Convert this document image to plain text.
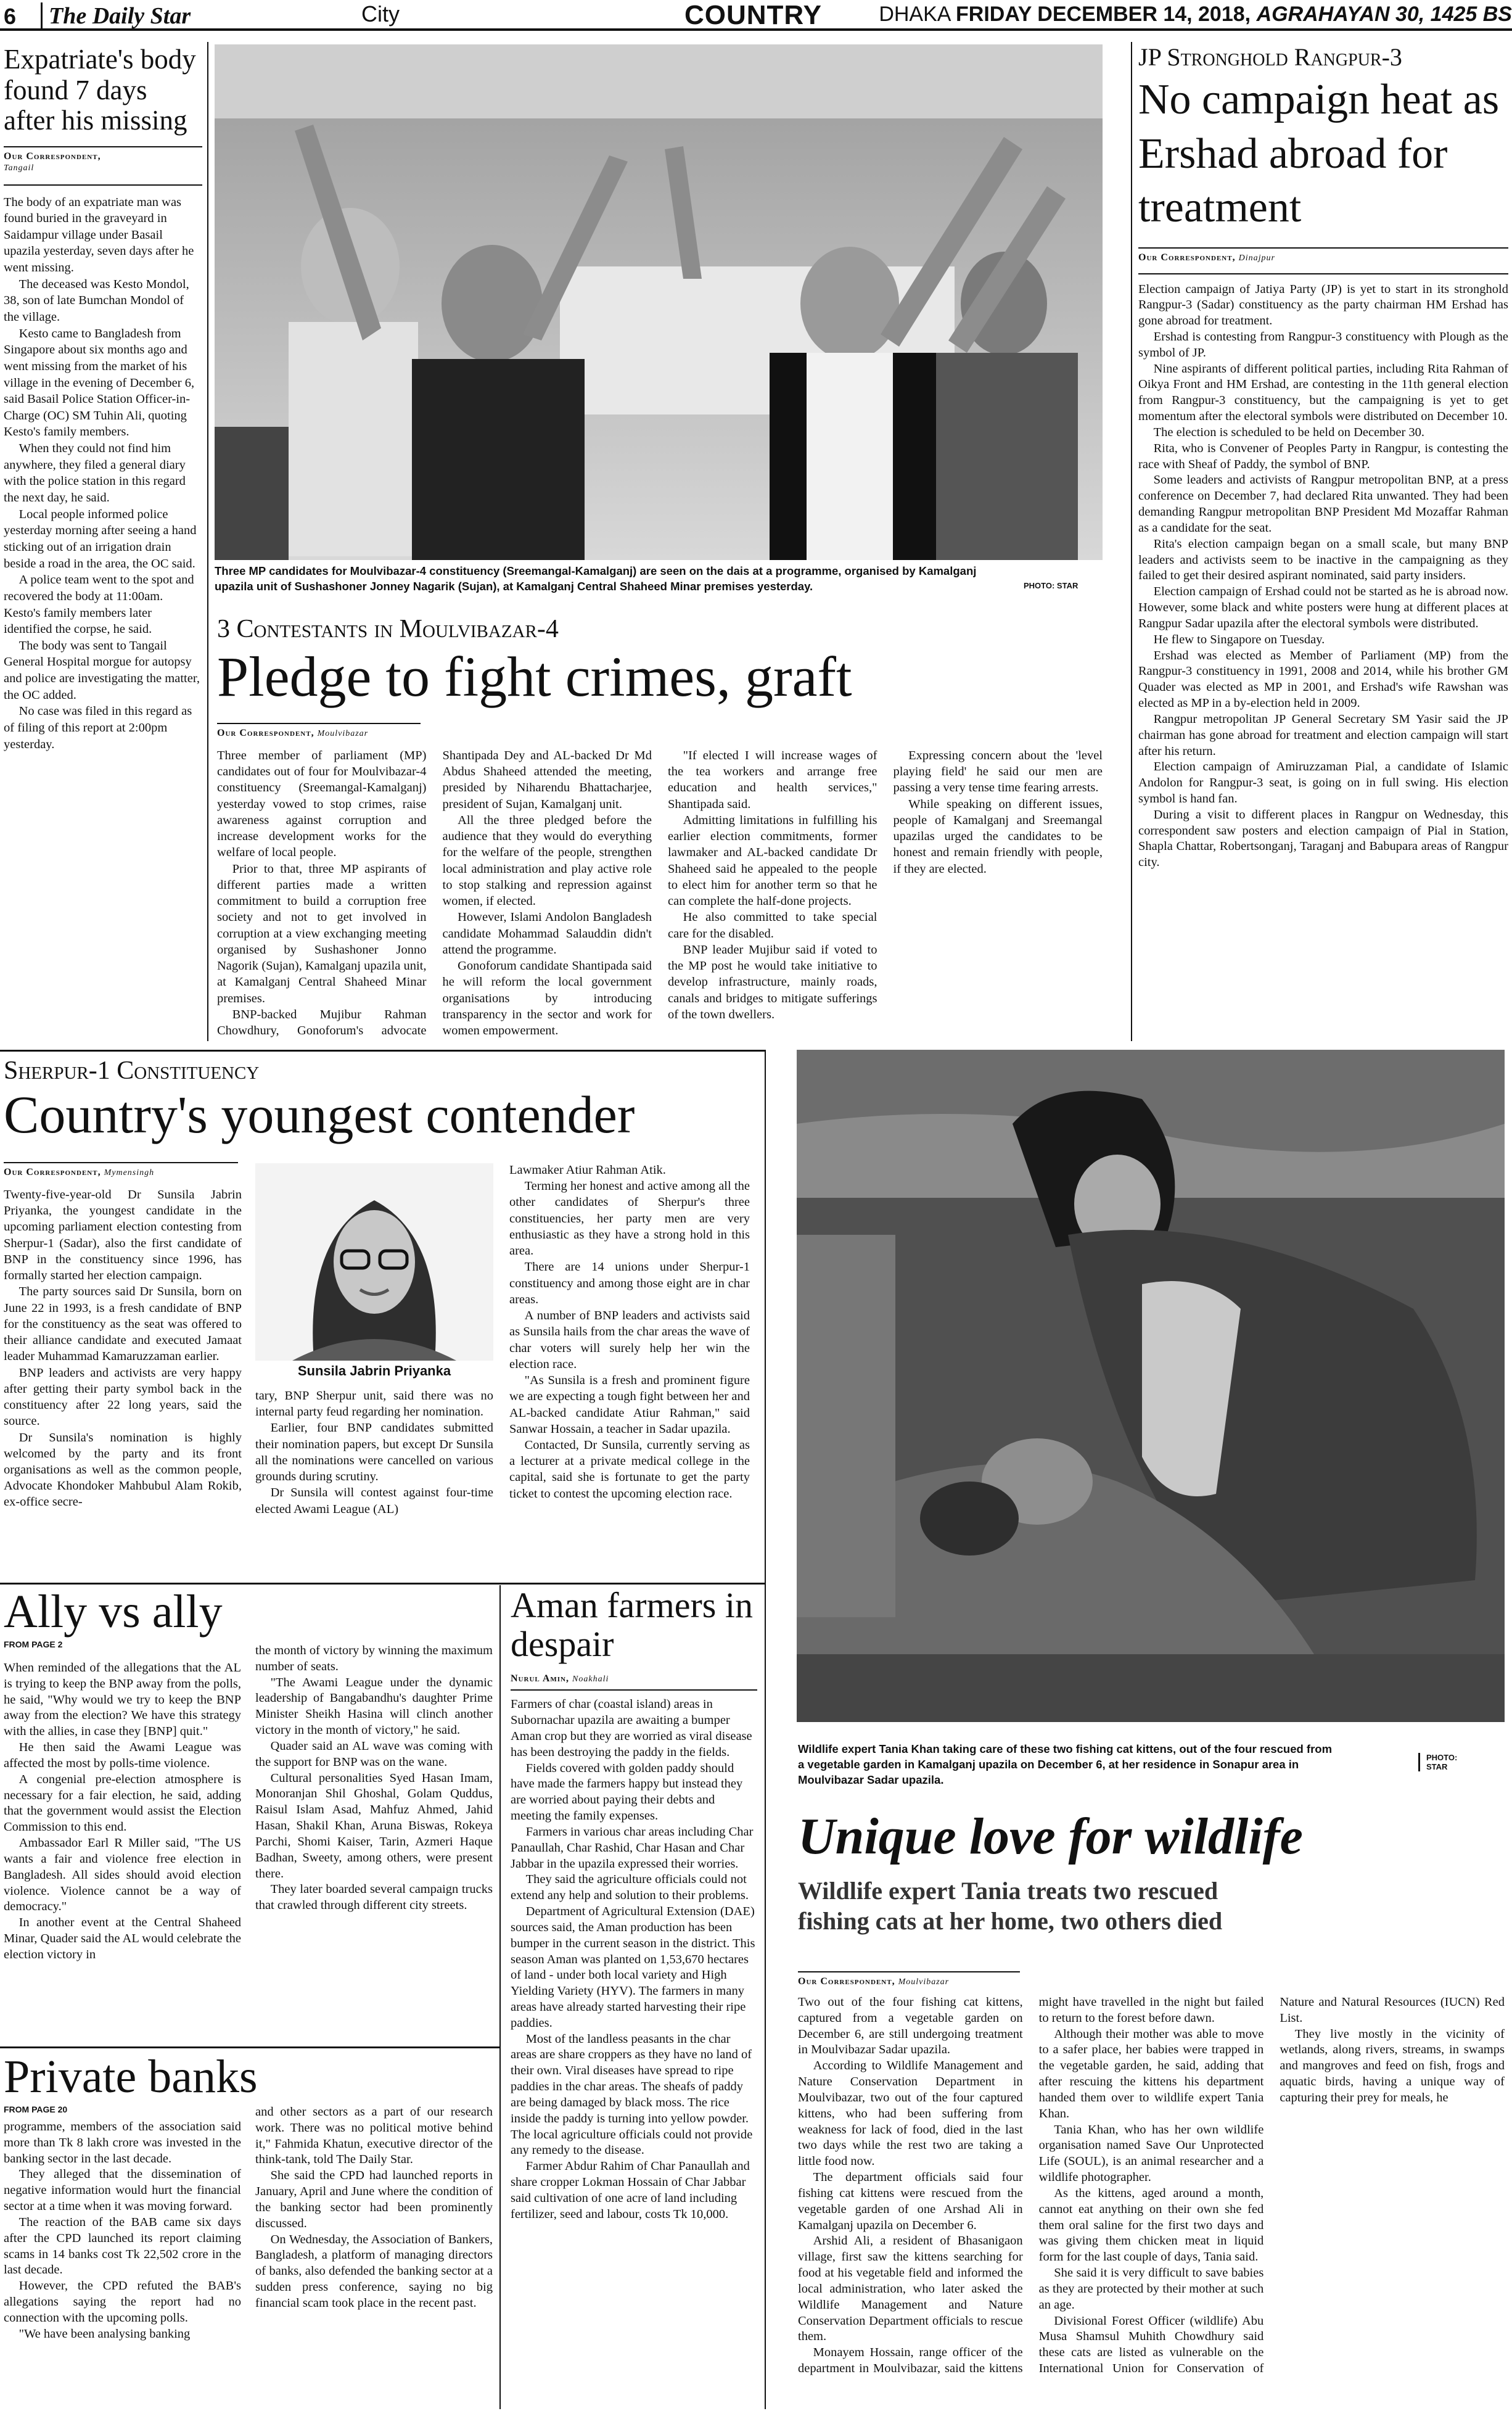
6	The Daily Star	City	COUNTRY	DHAKA FRIDAY DECEMBER 14, 2018, AGRAHAYAN 30, 1425 BS
Expatriate's body found 7 days after his missing
Our Correspondent,
Tangail

The body of an expatriate man was found buried in the graveyard in Saidampur village under Basail upazila yesterday, seven days after he went missing.

The deceased was Kesto Mondol, 38, son of late Bumchan Mondol of the village.

Kesto came to Bangladesh from Singapore about six months ago and went missing from the market of his village in the evening of December 6, said Basail Police Station Officer-in-Charge (OC) SM Tuhin Ali, quoting Kesto's family members.

When they could not find him anywhere, they filed a general diary with the police station in this regard the next day, he said.

Local people informed police yesterday morning after seeing a hand sticking out of an irrigation drain beside a road in the area, the OC said.

A police team went to the spot and recovered the body at 11:00am. Kesto's family members later identified the corpse, he said.

The body was sent to Tangail General Hospital morgue for autopsy and police are investigating the matter, the OC added.

No case was filed in this regard as of filing of this report at 2:00pm yesterday.

Three MP candidates for Moulvibazar-4 constituency (Sreemangal-Kamalganj) are seen on the dais at a programme, organised by Kamalganj upazila unit of Sushashoner Jonney Nagarik (Sujan), at Kamalganj Central Shaheed Minar premises yesterday.	PHOTO: STAR
3 Contestants in Moulvibazar-4
Pledge to fight crimes, graft
Our Correspondent, Moulvibazar

Three member of parliament (MP) candidates out of four for Moulvibazar-4 constituency (Sreemangal-Kamalganj) yesterday vowed to stop crimes, raise awareness against corruption and increase development works for the welfare of local people.

Prior to that, three MP aspirants of different parties made a written commitment to build a corruption free society and not to get involved in corruption at a view exchanging meeting organised by Sushashoner Jonno Nagorik (Sujan), Kamalganj upazila unit, at Kamalganj Central Shaheed Minar premises.

BNP-backed Mujibur Rahman Chowdhury, Gonoforum's advocate Shantipada Dey and AL-backed Dr Md Abdus Shaheed attended the meeting, presided by Niharendu Bhattacharjee, president of Sujan, Kamalganj unit.

All the three pledged before the audience that they would do everything for the welfare of the people, strengthen local administration and play active role to stop stalking and repression against women, if elected.

However, Islami Andolon Bangladesh candidate Mohammad Salauddin didn't attend the programme.

Gonoforum candidate Shantipada said he will reform the local government organisations by introducing transparency in the sector and work for women empowerment.

"If elected I will increase wages of the tea workers and arrange free education and health services," Shantipada said.

Admitting limitations in fulfilling his earlier election commitments, former lawmaker and AL-backed candidate Dr Shaheed said he appealed to the people to elect him for another term so that he can complete the half-done projects.

He also committed to take special care for the disabled.

BNP leader Mujibur said if voted to the MP post he would take initiative to develop infrastructure, mainly roads, canals and bridges to mitigate sufferings of the town dwellers.

Expressing concern about the 'level playing field' he said our men are passing a very tense time fearing arrests.

While speaking on different issues, people of Kamalganj and Sreemangal upazilas urged the candidates to be honest and remain friendly with people, if they are elected.

JP Stronghold Rangpur-3
No campaign heat as Ershad abroad for treatment
Our Correspondent, Dinajpur

Election campaign of Jatiya Party (JP) is yet to start in its stronghold Rangpur-3 (Sadar) constituency as the party chairman HM Ershad has gone abroad for treatment.

Ershad is contesting from Rangpur-3 constituency with Plough as the symbol of JP.

Nine aspirants of different political parties, including Rita Rahman of Oikya Front and HM Ershad, are contesting in the 11th general election from Rangpur-3 constituency, but the campaigning is yet to get momentum after the electoral symbols were distributed on December 10.

The election is scheduled to be held on December 30.

Rita, who is Convener of Peoples Party in Rangpur, is contesting the race with Sheaf of Paddy, the symbol of BNP.

Some leaders and activists of Rangpur metropolitan BNP, at a press conference on December 7, had declared Rita unwanted. They had been demanding Rangpur metropolitan BNP President Md Mozaffar Rahman as a candidate for the seat.

Rita's election campaign began on a small scale, but many BNP leaders and activists seem to be inactive in the campaigning as they failed to get their desired aspirant nominated, said party insiders.

Election campaign of Ershad could not be started as he is abroad now. However, some black and white posters were hung at different places at Rangpur Sadar upazila after the electoral symbols were distributed.

He flew to Singapore on Tuesday.

Ershad was elected as Member of Parliament (MP) from the Rangpur-3 constituency in 1991, 2008 and 2014, while his brother GM Quader was elected as MP in 2001, and Ershad's wife Rawshan was elected as MP in a by-election held in 2009.

Rangpur metropolitan JP General Secretary SM Yasir said the JP chairman has gone abroad for treatment and election campaign will start after his return.

Election campaign of Amiruzzaman Pial, a candidate of Islamic Andolon for Rangpur-3 seat, is going on in full swing. His election symbol is hand fan.

During a visit to different places in Rangpur on Wednesday, this correspondent saw posters and election campaign of Pial in Station, Shapla Chattar, Robertsonganj, Taraganj and Babupara areas of Rangpur city.

Sherpur-1 Constituency
Country's youngest contender
Our Correspondent, Mymensingh

Twenty-five-year-old Dr Sunsila Jabrin Priyanka, the youngest candidate in the upcoming parliament election contesting from Sherpur-1 (Sadar), also the first candidate of BNP in the constituency since 1996, has formally started her election campaign.

The party sources said Dr Sunsila, born on June 22 in 1993, is a fresh candidate of BNP for the constituency as the seat was offered to their alliance candidate and executed Jamaat leader Muhammad Kamaruzzaman earlier.

BNP leaders and activists are very happy after getting their party symbol back in the constituency after 22 long years, said the source.

Dr Sunsila's nomination is highly welcomed by the party and its front organisations as well as the common people, Advocate Khondoker Mahbubul Alam Rokib, ex-office secre-

Sunsila Jabrin Priyanka

tary, BNP Sherpur unit, said there was no internal party feud regarding her nomination.

Earlier, four BNP candidates submitted their nomination papers, but except Dr Sunsila all the nominations were cancelled on various grounds during scrutiny.

Dr Sunsila will contest against four-time elected Awami League (AL)

Lawmaker Atiur Rahman Atik.

Terming her honest and active among all the other candidates of Sherpur's three constituencies, her party men are very enthusiastic as they have a strong hold in this area.

There are 14 unions under Sherpur-1 constituency and among those eight are in char areas.

A number of BNP leaders and activists said as Sunsila hails from the char areas the wave of char voters will surely help her win the election race.

"As Sunsila is a fresh and prominent figure we are expecting a tough fight between her and AL-backed candidate Atiur Rahman," said Sanwar Hossain, a teacher in Sadar upazila.

Contacted, Dr Sunsila, currently serving as a lecturer at a private medical college in the capital, said she is fortunate to get the party ticket to contest the upcoming election race.

Ally vs ally
FROM PAGE 2

When reminded of the allegations that the AL is trying to keep the BNP away from the polls, he said, "Why would we try to keep the BNP away from the election? We have this strategy with the allies, in case they [BNP] quit."

He then said the Awami League was affected the most by polls-time violence.

A congenial pre-election atmosphere is necessary for a fair election, he said, adding that the government would assist the Election Commission to this end.

Ambassador Earl R Miller said, "The US wants a fair and violence free election in Bangladesh. All sides should avoid election violence. Violence cannot be a way of democracy."

In another event at the Central Shaheed Minar, Quader said the AL would celebrate the election victory in

the month of victory by winning the maximum number of seats.

"The Awami League under the dynamic leadership of Bangabandhu's daughter Prime Minister Sheikh Hasina will clinch another victory in the month of victory," he said.

Quader said an AL wave was coming with the support for BNP was on the wane.

Cultural personalities Syed Hasan Imam, Monoranjan Shil Ghoshal, Golam Quddus, Raisul Islam Asad, Mahfuz Ahmed, Jahid Hasan, Shakil Khan, Aruna Biswas, Rokeya Parchi, Shomi Kaiser, Tarin, Azmeri Haque Badhan, Sweety, among others, were present there.

They later boarded several campaign trucks that crawled through different city streets.

Private banks
FROM PAGE 20

programme, members of the association said more than Tk 8 lakh crore was invested in the banking sector in the last decade.

They alleged that the dissemination of negative information would hurt the financial sector at a time when it was moving forward.

The reaction of the BAB came six days after the CPD launched its report claiming scams in 14 banks cost Tk 22,502 crore in the last decade.

However, the CPD refuted the BAB's allegations saying the report had no connection with the upcoming polls.

"We have been analysing banking

and other sectors as a part of our research work. There was no political motive behind it," Fahmida Khatun, executive director of the think-tank, told The Daily Star.

She said the CPD had launched reports in January, April and June where the condition of the banking sector had been prominently discussed.

On Wednesday, the Association of Bankers, Bangladesh, a platform of managing directors of banks, also defended the banking sector at a sudden press conference, saying no big financial scam took place in the recent past.

Aman farmers in despair
Nurul Amin, Noakhali

Farmers of char (coastal island) areas in Subornachar upazila are awaiting a bumper Aman crop but they are worried as viral disease has been destroying the paddy in the fields.

Fields covered with golden paddy should have made the farmers happy but instead they are worried about paying their debts and meeting the family expenses.

Farmers in various char areas including Char Panaullah, Char Rashid, Char Hasan and Char Jabbar in the upazila expressed their worries.

They said the agriculture officials could not extend any help and solution to their problems.

Department of Agricultural Extension (DAE) sources said, the Aman production has been bumper in the current season in the district. This season Aman was planted on 1,53,670 hectares of land - under both local variety and High Yielding Variety (HYV). The farmers in many areas have already started harvesting their ripe paddies.

Most of the landless peasants in the char areas are share croppers as they have no land of their own. Viral diseases have spread to ripe paddies in the char areas. The sheafs of paddy are being damaged by black moss. The rice inside the paddy is turning into yellow powder. The local agriculture officials could not provide any remedy to the disease.

Farmer Abdur Rahim of Char Panaullah and share cropper Lokman Hossain of Char Jabbar said cultivation of one acre of land including fertilizer, seed and labour, costs Tk 10,000.

Wildlife expert Tania Khan taking care of these two fishing cat kittens, out of the four rescued from a vegetable garden in Kamalganj upazila on December 6, at her residence in Sonapur area in Moulvibazar Sadar upazila.
PHOTO:
STAR
Unique love for wildlife
Wildlife expert Tania treats two rescued fishing cats at her home, two others died
Our Correspondent, Moulvibazar

Two out of the four fishing cat kittens, captured from a vegetable garden on December 6, are still undergoing treatment in Moulvibazar Sadar upazila.

According to Wildlife Management and Nature Conservation Department in Moulvibazar, two out of the four captured kittens, who had been suffering from weakness for lack of food, died in the last two days while the rest two are taking a little food now.

The department officials said four fishing cat kittens were rescued from the vegetable garden of one Arshad Ali in Kamalganj upazila on December 6.

Arshid Ali, a resident of Bhasanigaon village, first saw the kittens searching for food at his vegetable field and informed the local administration, who later asked the Wildlife Management and Nature Conservation Department officials to rescue them.

Monayem Hossain, range officer of the department in Moulvibazar, said the kittens might have travelled in the night but failed to return to the forest before dawn.

Although their mother was able to move to a safer place, her babies were trapped in the vegetable garden, he said, adding that after rescuing the kittens his department handed them over to wildlife expert Tania Khan.

Tania Khan, who has her own wildlife organisation named Save Our Unprotected Life (SOUL), is an animal researcher and a wildlife photographer.

As the kittens, aged around a month, cannot eat anything on their own she fed them oral saline for the first two days and was giving them chicken meat in liquid form for the last couple of days, Tania said.

She said it is very difficult to save babies as they are protected by their mother at such an age.

Divisional Forest Officer (wildlife) Abu Musa Shamsul Muhith Chowdhury said these cats are listed as vulnerable on the International Union for Conservation of Nature and Natural Resources (IUCN) Red List.

They live mostly in the vicinity of wetlands, along rivers, streams, in swamps and mangroves and feed on fish, frogs and aquatic birds, having a unique way of capturing their prey for meals, he
